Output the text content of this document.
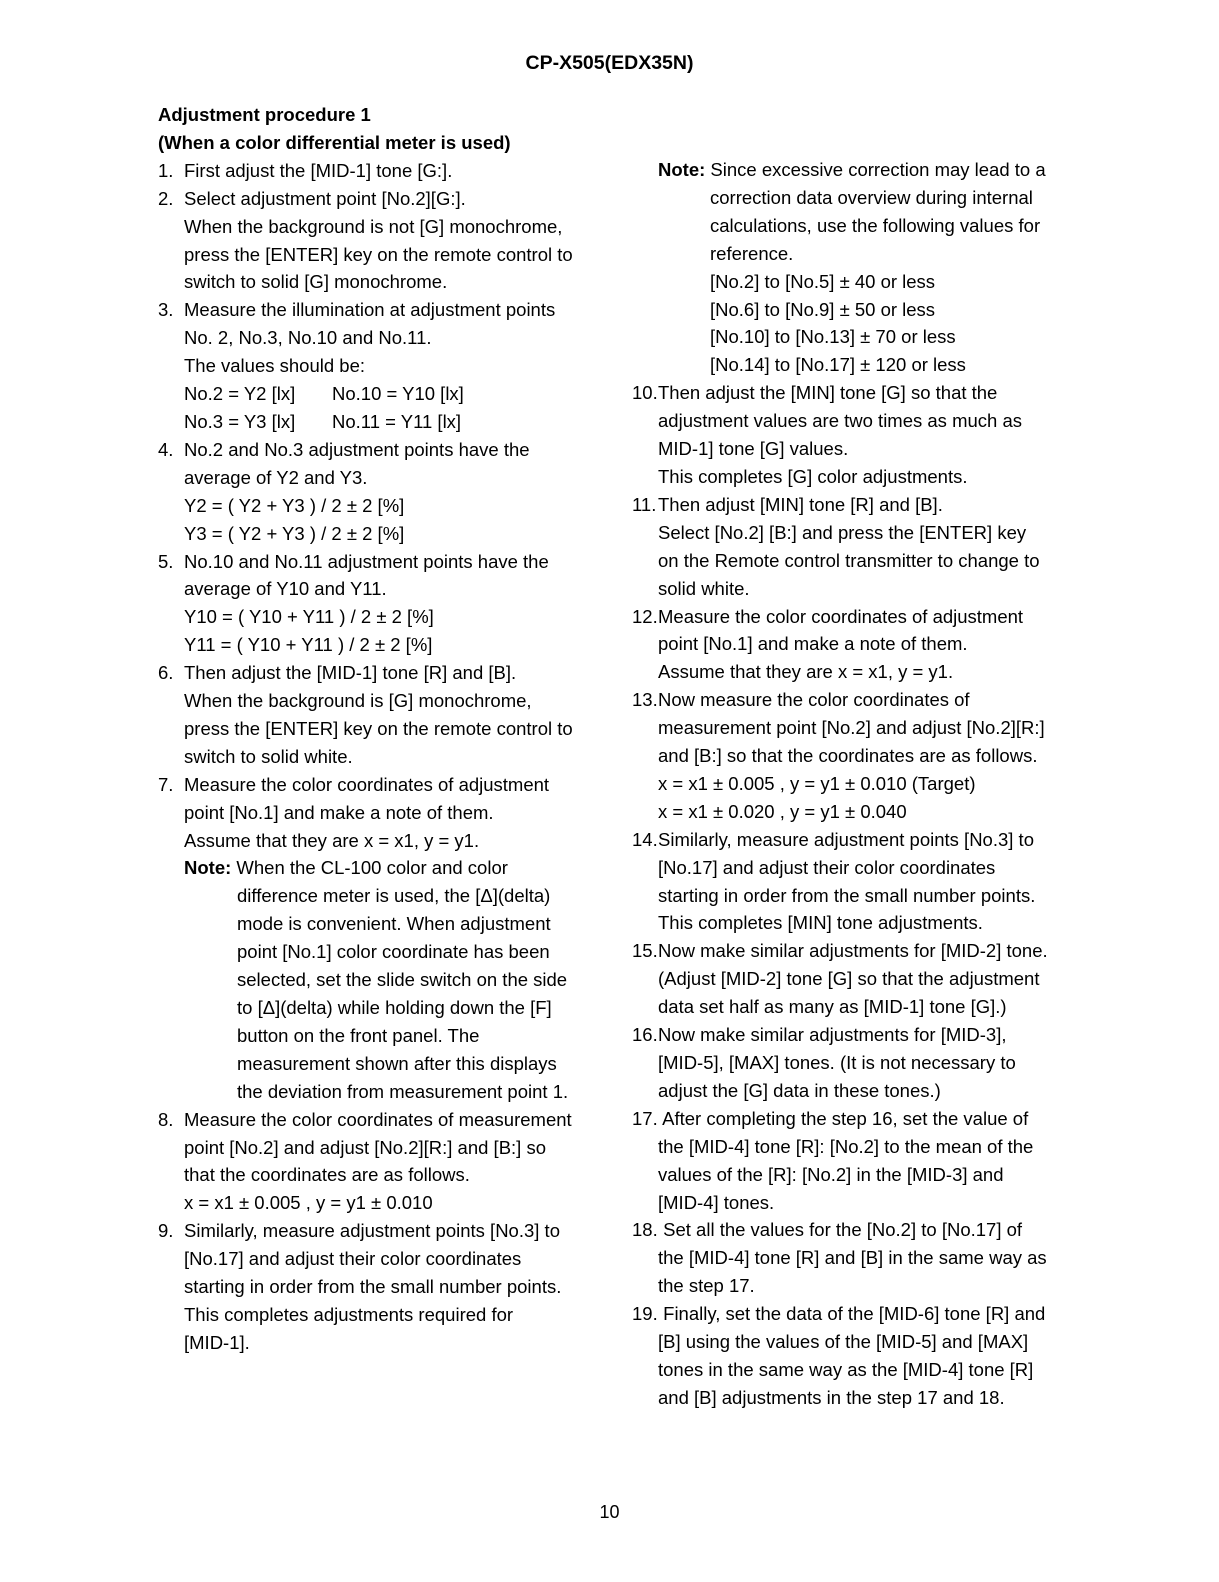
CP-X505(EDX35N)
Adjustment procedure 1
(When a color differential meter is used)
1. First adjust the [MID-1] tone [G:].
2. Select adjustment point [No.2][G:].
When the background is not [G] monochrome,
press the [ENTER] key on the remote control to
switch to solid [G] monochrome.
3. Measure the illumination at adjustment points
No. 2, No.3, No.10 and No.11.
The values should be:
No.2 = Y2 [lx] No.10 = Y10 [lx]
No.3 = Y3 [lx] No.11 = Y11 [lx]
4. No.2 and No.3 adjustment points have the
average of Y2 and Y3.
Y2 = ( Y2 + Y3 ) / 2 ± 2 [%]
Y3 = ( Y2 + Y3 ) / 2 ± 2 [%]
5. No.10 and No.11 adjustment points have the
average of Y10 and Y11.
Y10 = ( Y10 + Y11 ) / 2 ± 2 [%]
Y11 = ( Y10 + Y11 ) / 2 ± 2 [%]
6. Then adjust the [MID-1] tone [R] and [B].
When the background is [G] monochrome,
press the [ENTER] key on the remote control to
switch to solid white.
7. Measure the color coordinates of adjustment
point [No.1] and make a note of them.
Assume that they are x = x1, y = y1.
Note: When the CL-100 color and color
difference meter is used, the [Δ](delta)
mode is convenient. When adjustment
point [No.1] color coordinate has been
selected, set the slide switch on the side
to [Δ](delta) while holding down the [F]
button on the front panel. The
measurement shown after this displays
the deviation from measurement point 1.
8. Measure the color coordinates of measurement
point [No.2] and adjust [No.2][R:] and [B:] so
that the coordinates are as follows.
x = x1 ± 0.005 , y = y1 ± 0.010
9. Similarly, measure adjustment points [No.3] to
[No.17] and adjust their color coordinates
starting in order from the small number points.
This completes adjustments required for
[MID-1].
Note: Since excessive correction may lead to a
correction data overview during internal
calculations, use the following values for
reference.
[No.2] to [No.5] ± 40 or less
[No.6] to [No.9] ± 50 or less
[No.10] to [No.13] ± 70 or less
[No.14] to [No.17] ± 120 or less
10.Then adjust the [MIN] tone [G] so that the
adjustment values are two times as much as
MID-1] tone [G] values.
This completes [G] color adjustments.
11.Then adjust [MIN] tone [R] and [B].
Select [No.2] [B:] and press the [ENTER] key
on the Remote control transmitter to change to
solid white.
12.Measure the color coordinates of adjustment
point [No.1] and make a note of them.
Assume that they are x = x1, y = y1.
13.Now measure the color coordinates of
measurement point [No.2] and adjust [No.2][R:]
and [B:] so that the coordinates are as follows.
x = x1 ± 0.005 , y = y1 ± 0.010 (Target)
x = x1 ± 0.020 , y = y1 ± 0.040
14.Similarly, measure adjustment points [No.3] to
[No.17] and adjust their color coordinates
starting in order from the small number points.
This completes [MIN] tone adjustments.
15.Now make similar adjustments for [MID-2] tone.
(Adjust [MID-2] tone [G] so that the adjustment
data set half as many as [MID-1] tone [G].)
16.Now make similar adjustments for [MID-3],
[MID-5], [MAX] tones. (It is not necessary to
adjust the [G] data in these tones.)
17. After completing the step 16, set the value of
the [MID-4] tone [R]: [No.2] to the mean of the
values of the [R]: [No.2] in the [MID-3] and
[MID-4] tones.
18. Set all the values for the [No.2] to [No.17] of
the [MID-4] tone [R] and [B] in the same way as
the step 17.
19. Finally, set the data of the [MID-6] tone [R] and
[B] using the values of the [MID-5] and [MAX]
tones in the same way as the [MID-4] tone [R]
and [B] adjustments in the step 17 and 18.
10
